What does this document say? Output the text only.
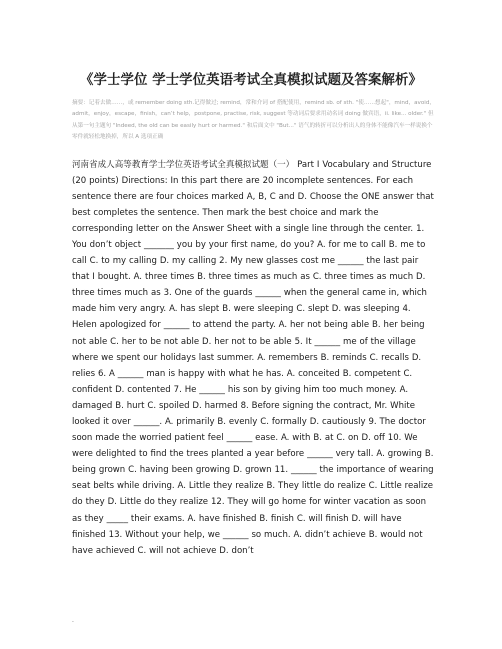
《学士学位 学士学位英语考试全真模拟试题及答案解析》

摘要：记着去做……，或 remember doing sth.记得做过; remind，常和介词 of 搭配使用，remind sb. of sth. "使……想起"，mind，avoid，admit，enjoy，escape，finish，can’t help，postpone, practise, risk, suggest 等动词后要求用动名词 doing 做宾语，ii. like... older." 但从第一句主题句 "Indeed, the old can be easily hurt or harmed." 和后面文中 "But..." 语气的转折可以分析出人的身体不能像汽车一样说换个零件就轻松地换掉，所以 A 选项正确

河南省成人高等教育学士学位英语考试全真模拟试题（一） Part I Vocabulary and Structure (20 points) Directions: In this part there are 20 incomplete sentences. For each sentence there are four choices marked A, B, C and D. Choose the ONE answer that best completes the sentence. Then mark the best choice and mark the corresponding letter on the Answer Sheet with a single line through the center. 1. You don’t object _______ you by your first name, do you? A. for me to call B. me to call C. to my calling D. my calling 2. My new glasses cost me ______ the last pair that I bought. A. three times B. three times as much as C. three times as much D. three times much as 3. One of the guards ______ when the general came in, which made him very angry. A. has slept B. were sleeping C. slept D. was sleeping 4. Helen apologized for ______ to attend the party. A. her not being able B. her being not able C. her to be not able D. her not to be able 5. It ______ me of the village where we spent our holidays last summer. A. remembers B. reminds C. recalls D. relies 6. A ______ man is happy with what he has. A. conceited B. competent C. confident D. contented 7. He ______ his son by giving him too much money. A. damaged B. hurt C. spoiled D. harmed 8. Before signing the contract, Mr. White looked it over ______. A. primarily B. evenly C. formally D. cautiously 9. The doctor soon made the worried patient feel ______ ease. A. with B. at C. on D. off 10. We were delighted to find the trees planted a year before ______ very tall. A. growing B. being grown C. having been growing D. grown 11. ______ the importance of wearing seat belts while driving. A. Little they realize B. They little do realize C. Little realize do they D. Little do they realize 12. They will go home for winter vacation as soon as they _____ their exams. A. have finished B. finish C. will finish D. will have finished 13. Without your help, we ______ so much. A. didn’t achieve B. would not have achieved C. will not achieve D. don’t

.
